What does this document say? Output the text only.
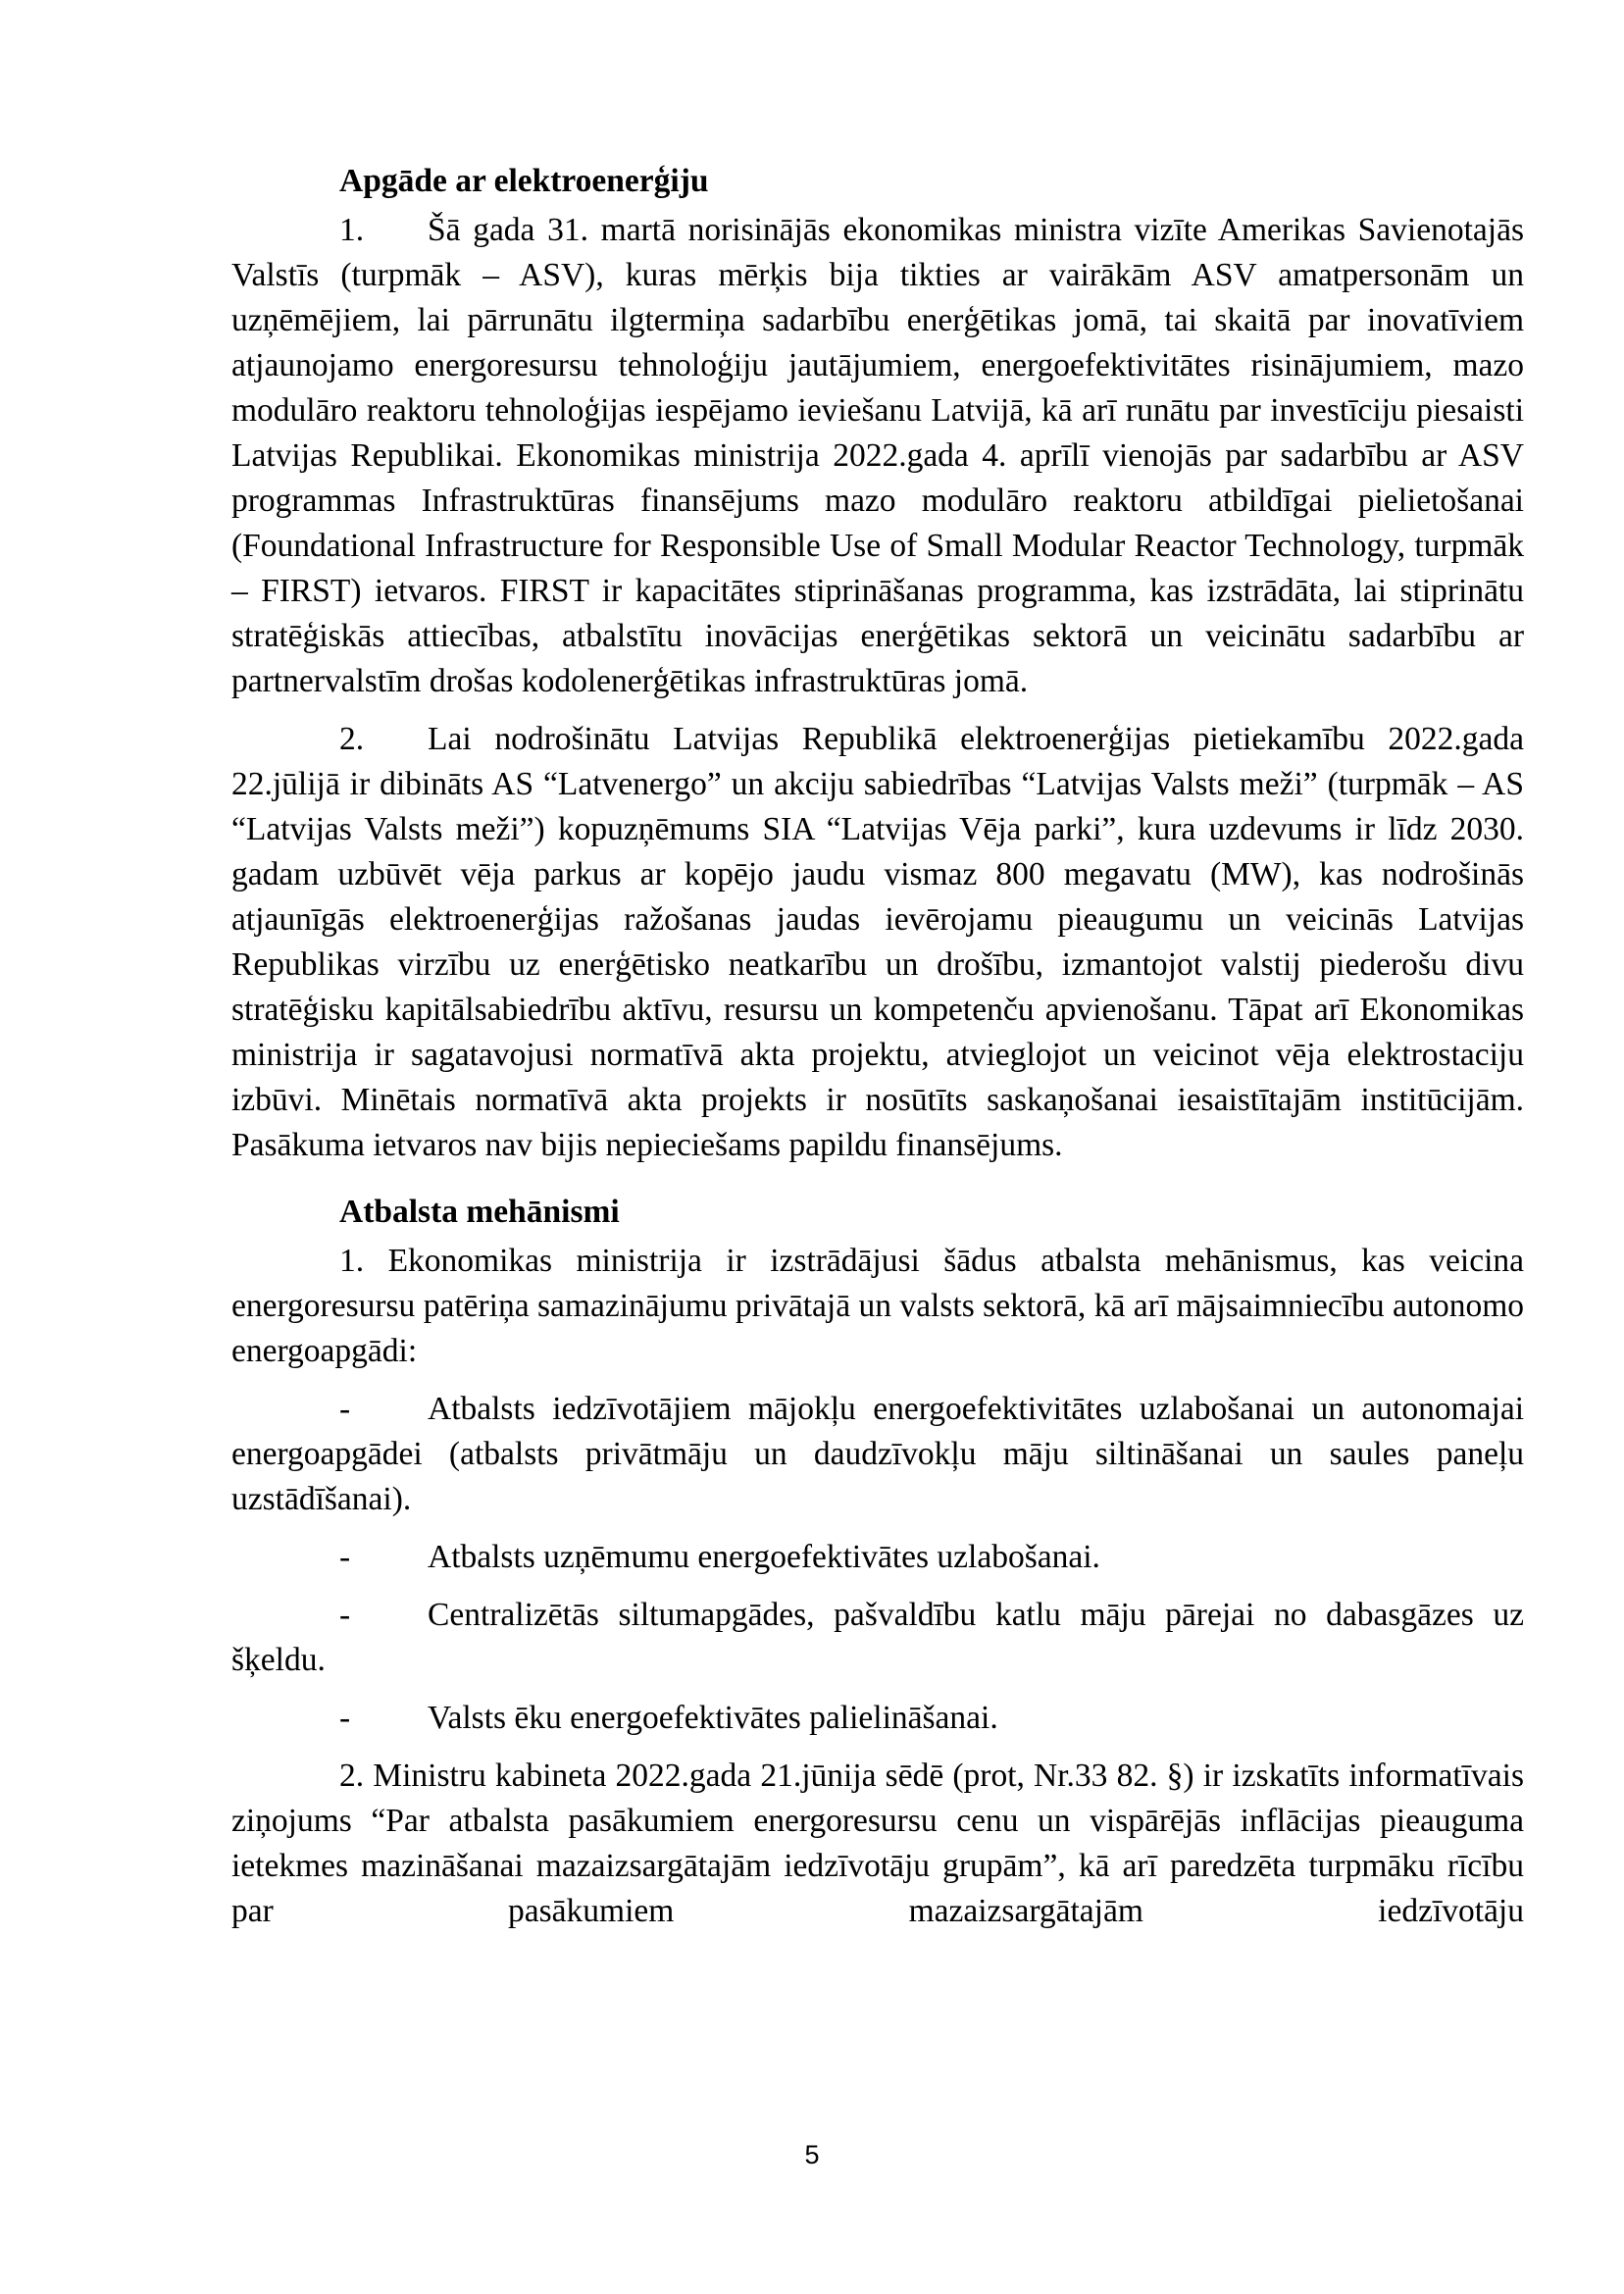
Apgāde ar elektroenerģiju

1. Šā gada 31. martā norisinājās ekonomikas ministra vizīte Amerikas Savienotajās Valstīs (turpmāk – ASV), kuras mērķis bija tikties ar vairākām ASV amatpersonām un uzņēmējiem, lai pārrunātu ilgtermiņa sadarbību enerģētikas jomā, tai skaitā par inovatīviem atjaunojamo energoresursu tehnoloģiju jautājumiem, energoefektivitātes risinājumiem, mazo modulāro reaktoru tehnoloģijas iespējamo ieviešanu Latvijā, kā arī runātu par investīciju piesaisti Latvijas Republikai. Ekonomikas ministrija 2022.gada 4. aprīlī vienojās par sadarbību ar ASV programmas Infrastruktūras finansējums mazo modulāro reaktoru atbildīgai pielietošanai (Foundational Infrastructure for Responsible Use of Small Modular Reactor Technology, turpmāk – FIRST) ietvaros. FIRST ir kapacitātes stiprināšanas programma, kas izstrādāta, lai stiprinātu stratēģiskās attiecības, atbalstītu inovācijas enerģētikas sektorā un veicinātu sadarbību ar partnervalstīm drošas kodolenerģētikas infrastruktūras jomā.

2. Lai nodrošinātu Latvijas Republikā elektroenerģijas pietiekamību 2022.gada 22.jūlijā ir dibināts AS “Latvenergo” un akciju sabiedrības “Latvijas Valsts meži” (turpmāk – AS “Latvijas Valsts meži”) kopuzņēmums SIA “Latvijas Vēja parki”, kura uzdevums ir līdz 2030. gadam uzbūvēt vēja parkus ar kopējo jaudu vismaz 800 megavatu (MW), kas nodrošinās atjaunīgās elektroenerģijas ražošanas jaudas ievērojamu pieaugumu un veicinās Latvijas Republikas virzību uz enerģētisko neatkarību un drošību, izmantojot valstij piederošu divu stratēģisku kapitālsabiedrību aktīvu, resursu un kompetenču apvienošanu. Tāpat arī Ekonomikas ministrija ir sagatavojusi normatīvā akta projektu, atvieglojot un veicinot vēja elektrostaciju izbūvi. Minētais normatīvā akta projekts ir nosūtīts saskaņošanai iesaistītajām institūcijām. Pasākuma ietvaros nav bijis nepieciešams papildu finansējums.

Atbalsta mehānismi

1. Ekonomikas ministrija ir izstrādājusi šādus atbalsta mehānismus, kas veicina energoresursu patēriņa samazinājumu privātajā un valsts sektorā, kā arī mājsaimniecību autonomo energoapgādi:

- Atbalsts iedzīvotājiem mājokļu energoefektivitātes uzlabošanai un autonomajai energoapgādei (atbalsts privātmāju un daudzīvokļu māju siltināšanai un saules paneļu uzstādīšanai).

- Atbalsts uzņēmumu energoefektivātes uzlabošanai.

- Centralizētās siltumapgādes, pašvaldību katlu māju pārejai no dabasgāzes uz šķeldu.

- Valsts ēku energoefektivātes palielināšanai.

2. Ministru kabineta 2022.gada 21.jūnija sēdē (prot, Nr.33 82. §) ir izskatīts informatīvais ziņojums “Par atbalsta pasākumiem energoresursu cenu un vispārējās inflācijas pieauguma ietekmes mazināšanai mazaizsargātajām iedzīvotāju grupām”, kā arī paredzēta turpmāku rīcību par pasākumiem mazaizsargātajām iedzīvotāju

5
